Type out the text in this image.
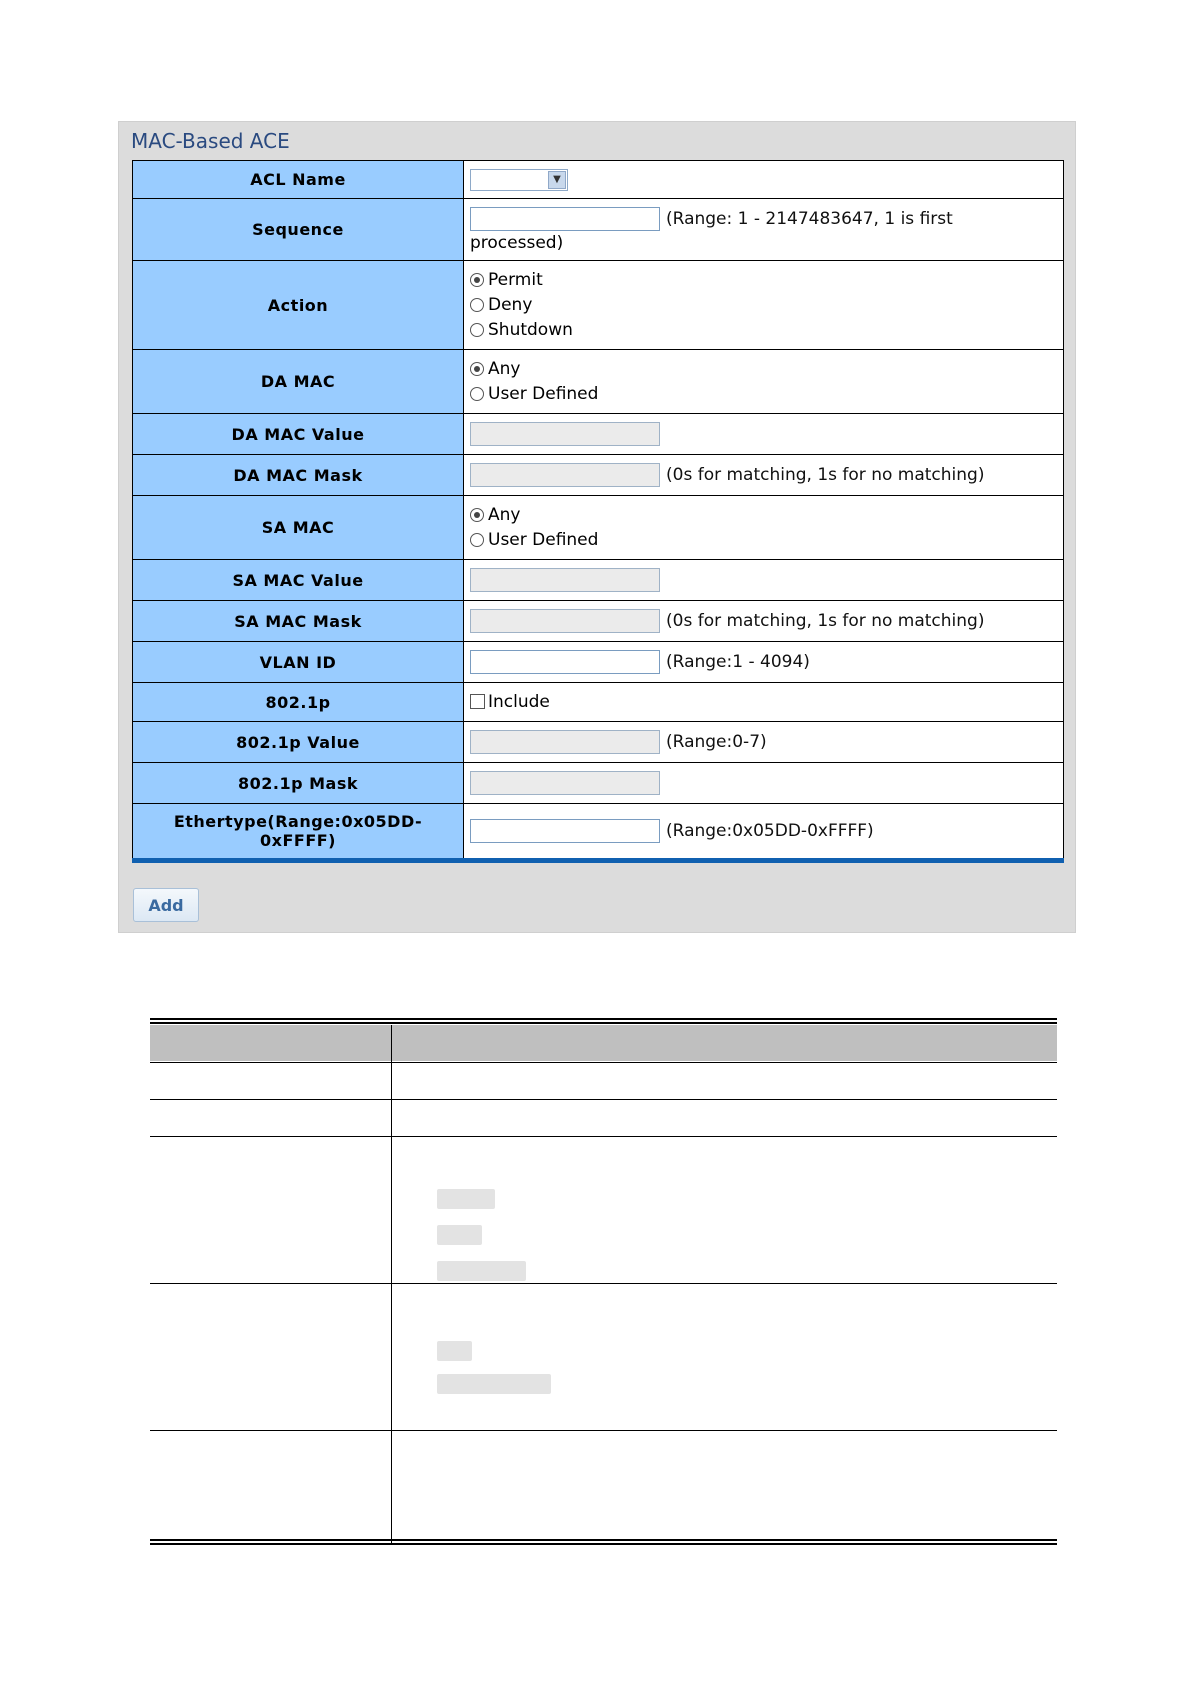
MAC-Based ACE
ACL Name	▼

Sequence	(Range: 1 - 2147483647, 1 is first
processed)

Action	Permit
Deny
Shutdown

DA MAC	Any
User Defined

DA MAC Value	
DA MAC Mask	(0s for matching, 1s for no matching)
SA MAC	Any
User Defined

SA MAC Value	
SA MAC Mask	(0s for matching, 1s for no matching)
VLAN ID	(Range:1 - 4094)
802.1p	Include
802.1p Value	(Range:0-7)
802.1p Mask	

Ethertype(Range:0x05DD-
0xFFFF)	(Range:0x05DD-0xFFFF)
Add
